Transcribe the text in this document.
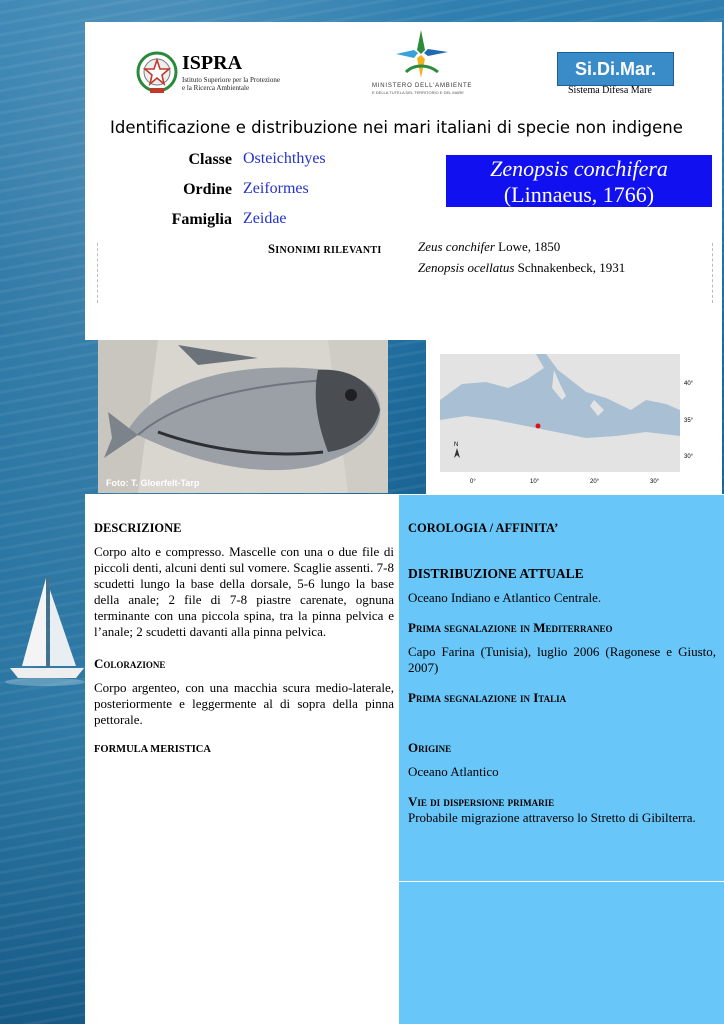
ISPRA
Istituto Superiore per la Protezione
e la Ricerca Ambientale	MINISTERO DELL'AMBIENTE
E DELLA TUTELA DEL TERRITORIO E DEL MARE
Si.Di.Mar.
Sistema Difesa Mare
Identificazione e distribuzione nei mari italiani di specie non indigene
Classe Osteichthyes
Ordine Zeiformes
Famiglia Zeidae
Zenopsis conchifera
(Linnaeus, 1766)
SINONIMI RILEVANTI	Zeus conchifer Lowe, 1850
Zenopsis ocellatus Schnakenbeck, 1931
Foto: T. Gloerfelt-Tarp
N
40°
35°
30°
0°	10°	20°	30°
DESCRIZIONE

Corpo alto e compresso. Mascelle con una o due file di piccoli denti, alcuni denti sul vomere. Scaglie assenti. 7-8 scudetti lungo la base della dorsale, 5-6 lungo la base della anale; 2 file di 7-8 piastre carenate, ognuna terminante con una piccola spina, tra la pinna pelvica e l’anale; 2 scudetti davanti alla pinna pelvica.

Colorazione

Corpo argenteo, con una macchia scura medio-laterale, posteriormente e leggermente al di sopra della pinna pettorale.

FORMULA MERISTICA
COROLOGIA / AFFINITA’
DISTRIBUZIONE ATTUALE

Oceano Indiano e Atlantico Centrale.

Prima segnalazione in Mediterraneo

Capo Farina (Tunisia), luglio 2006 (Ragonese e Giusto, 2007)

Prima segnalazione in Italia
Origine

Oceano Atlantico

Vie di dispersione primarie

Probabile migrazione attraverso lo Stretto di Gibilterra.
